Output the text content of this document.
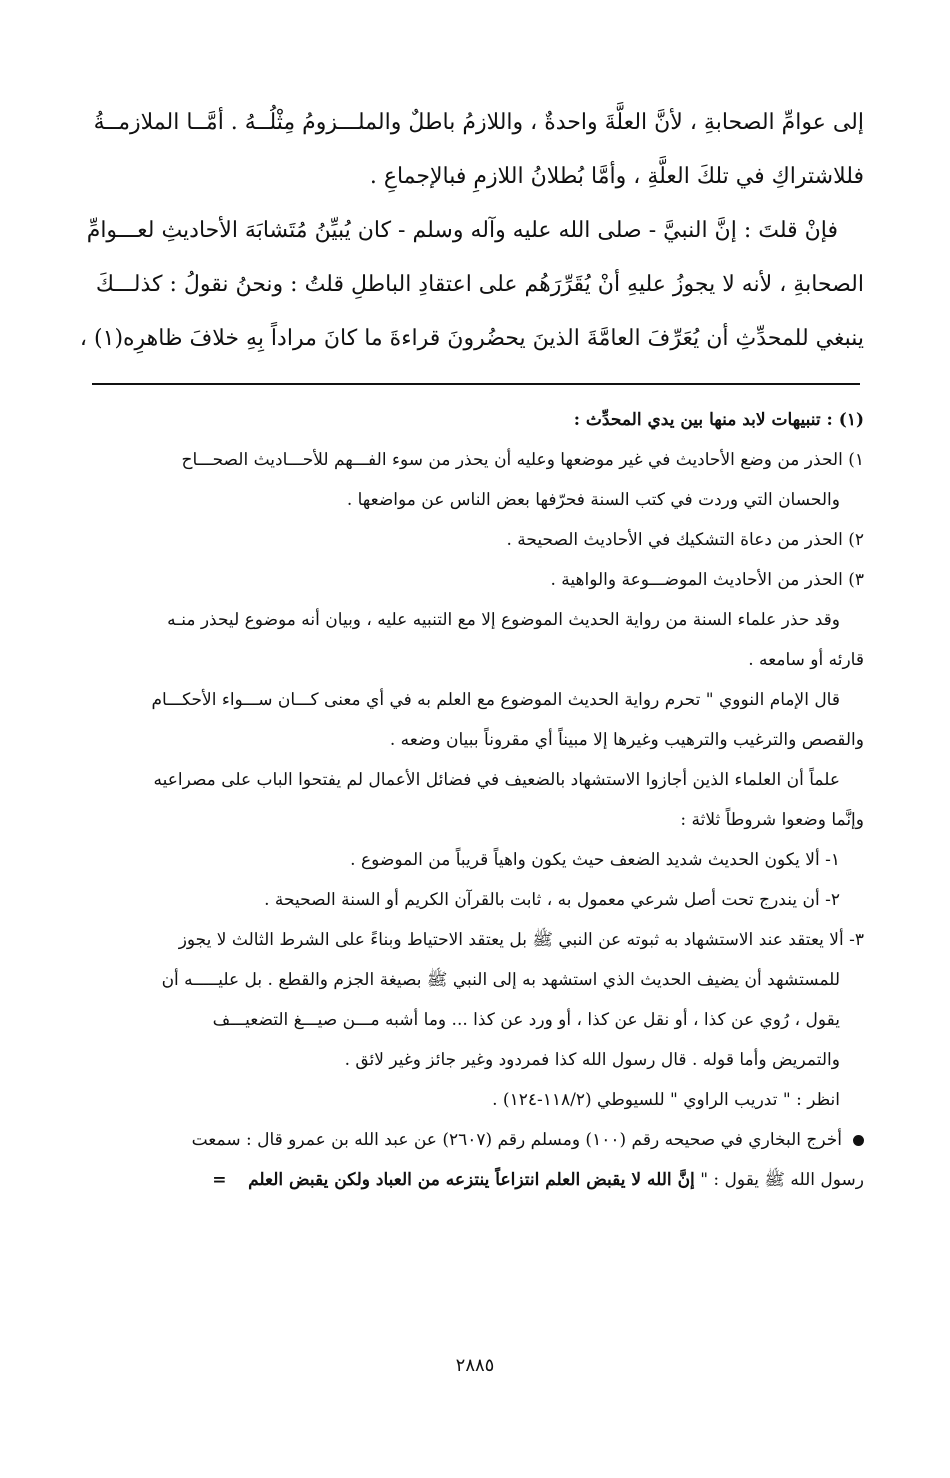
إلى عوامِّ الصحابةِ ، لأنَّ العلَّةَ واحدةٌ ، واللازمُ باطلٌ والملـــزومُ مِثْلُــهُ . أمَّــا الملازمــةُ

فللاشتراكِ في تلكَ العلَّةِ ، وأمَّا بُطلانُ اللازمِ فبالإجماعِ .

فإنْ قلتَ : إنَّ النبيَّ - صلى الله عليه وآله وسلم - كان يُبيِّنُ مُتَشابَهَ الأحاديثِ لعـــوامِّ

الصحابةِ ، لأنه لا يجوزُ عليهِ أنْ يُقَرِّرَهُم على اعتقادِ الباطلِ قلتُ : ونحنُ نقولُ : كذلـــكَ

ينبغي للمحدِّثِ أن يُعَرِّفَ العامَّةَ الذينَ يحضُرونَ قراءةَ ما كانَ مراداً بِهِ خلافَ ظاهرِه(١) ،

(١) : تنبيهات لابد منها بين يدي المحدِّث :

١) الحذر من وضع الأحاديث في غير موضعها وعليه أن يحذر من سوء الفـــهم للأحـــاديث الصحـــاح

والحسان التي وردت في كتب السنة فحرّفها بعض الناس عن مواضعها .

٢) الحذر من دعاة التشكيك في الأحاديث الصحيحة .

٣) الحذر من الأحاديث الموضـــوعة والواهية .

وقد حذر علماء السنة من رواية الحديث الموضوع إلا مع التنبيه عليه ، وبيان أنه موضوع ليحذر منـه

قارئه أو سامعه .

قال الإمام النووي " تحرم رواية الحديث الموضوع مع العلم به في أي معنى كـــان ســـواء الأحكـــام

والقصص والترغيب والترهيب وغيرها إلا مبيناً أي مقروناً ببيان وضعه .

علماً أن العلماء الذين أجازوا الاستشهاد بالضعيف في فضائل الأعمال لم يفتحوا الباب على مصراعيه

وإنَّما وضعوا شروطاً ثلاثة :

١- ألا يكون الحديث شديد الضعف حيث يكون واهياً قريباً من الموضوع .

٢- أن يندرج تحت أصل شرعي معمول به ، ثابت بالقرآن الكريم أو السنة الصحيحة .

٣- ألا يعتقد عند الاستشهاد به ثبوته عن النبي ﷺ بل يعتقد الاحتياط وبناءً على الشرط الثالث لا يجوز

للمستشهد أن يضيف الحديث الذي استشهد به إلى النبي ﷺ بصيغة الجزم والقطع . بل عليـــــه أن

يقول ، رُوي عن كذا ، أو نقل عن كذا ، أو ورد عن كذا ... وما أشبه مـــن صيـــغ التضعيـــف

والتمريض وأما قوله . قال رسول الله كذا فمردود وغير جائز وغير لائق .

انظر : " تدريب الراوي " للسيوطي (١١٨/٢-١٢٤) .

أخرج البخاري في صحيحه رقم (١٠٠) ومسلم رقم (٢٦٠٧) عن عبد الله بن عمرو قال : سمعت

رسول الله ﷺ يقول : " إنَّ الله لا يقبض العلم انتزاعاً ينتزعه من العباد ولكن يقبض العلم    =

٢٨٨٥
